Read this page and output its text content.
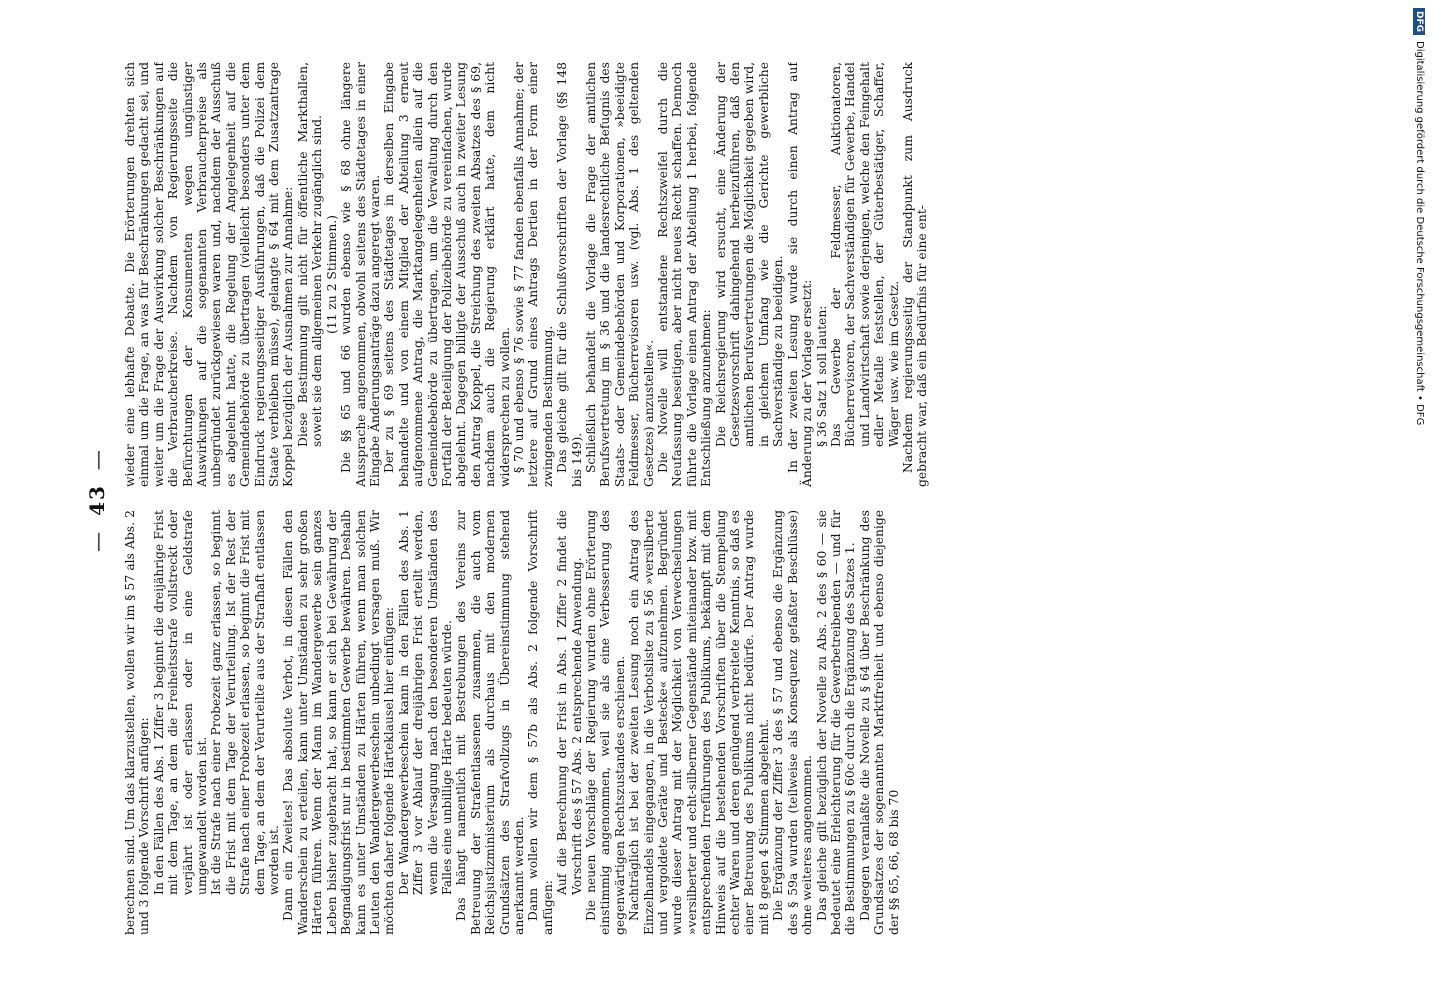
—
43
—

berechnen sind. Um das klarzustellen, wollen wir im § 57 als Abs. 2 und 3 folgende Vorschrift anfügen: In den Fällen des Abs. 1 Ziffer 3 beginnt die dreijährige Frist mit dem Tage, an dem die Freiheitsstrafe vollstreckt oder verjährt ist oder erlassen oder in eine Geldstrafe umgewandelt worden ist. Ist die Strafe nach einer Probezeit ganz erlassen, so beginnt die Frist mit dem Tage der Verurteilung. Ist der Rest der Strafe nach einer Probezeit erlassen, so beginnt die Frist mit dem Tage, an dem der Verurteilte aus der Strafhaft entlassen worden ist. Dann ein Zweites! Das absolute Verbot, in diesen Fällen den Wanderschein zu erteilen, kann unter Umständen zu sehr großen Härten führen. Wenn der Mann im Wandergewerbe sein ganzes Leben bisher zugebracht hat, so kann er sich bei Gewährung der Begnadigungsfrist nur in bestimmten Gewerbe bewähren. Deshalb kann es unter Umständen zu Härten führen, wenn man solchen Leuten den Wandergewerbeschein unbedingt versagen muß. Wir möchten daher folgende Härteklausel hier einfügen: Der Wandergewerbeschein kann in den Fällen des Abs. 1 Ziffer 3 vor Ablauf der dreijährigen Frist erteilt werden, wenn die Versagung nach den besonderen Umständen des Falles eine unbillige Härte bedeuten würde. Das hängt namentlich mit Bestrebungen des Vereins zur Betreuung der Strafentlassenen zusammen, die auch vom Reichsjustizministerium als durchaus mit den modernen Grundsätzen des Strafvollzugs in Übereinstimmung stehend anerkannt werden. Dann wollen wir dem § 57b als Abs. 2 folgende Vorschrift anfügen:

Auf die Berechnung der Frist in Abs. 1 Ziffer 2 findet die Vorschrift des § 57 Abs. 2 entsprechende Anwendung. Die neuen Vorschläge der Regierung wurden ohne Erörterung einstimmig angenommen, weil sie als eine Verbesserung des gegenwärtigen Rechtszustandes erschienen. Nachträglich ist bei der zweiten Lesung noch ein Antrag des Einzelhandels eingegangen, in die Verbotsliste zu § 56 »versilberte und vergoldete Geräte und Bestecke« aufzunehmen. Begründet wurde dieser Antrag mit der Möglichkeit von Verwechselungen »versilberter und echt-silberner Gegenstände miteinander bzw. mit entsprechenden Irreführungen des Publikums, bekämpft mit dem Hinweis auf die bestehenden Vorschriften über die Stempelung echter Waren und deren genügend verbreitete Kenntnis, so daß es einer Betreuung des Publikums nicht bedürfe. Der Antrag wurde mit 8 gegen 4 Stimmen abgelehnt. Die Ergänzung der Ziffer 3 des § 57 und ebenso die Ergänzung des § 59a wurden (teilweise als Konsequenz gefaßter Beschlüsse) ohne weiteres angenommen. Das gleiche gilt bezüglich der Novelle zu Abs. 2 des § 60 — sie bedeutet eine Erleichterung für die Gewerbetreibenden — und für die Bestimmungen zu § 60c durch die Ergänzung des Satzes 1. Dagegen veranlaßte die Novelle zu § 64 über Beschränkung des Grundsatzes der sogenannten Marktfreiheit und ebenso diejenige der §§ 65, 66, 68 bis 70

wieder eine lebhafte Debatte. Die Erörterungen drehten sich einmal um die Frage, an was für Beschränkungen gedacht sei, und weiter um die Frage der Auswirkung solcher Beschränkungen auf die Verbraucherkreise. Nachdem von Regierungsseite die Befürchtungen der Konsumenten wegen ungünstiger Auswirkungen auf die sogenannten Verbraucherpreise als unbegründet zurückgewiesen waren und, nachdem der Ausschuß es abgelehnt hatte, die Regelung der Angelegenheit auf die Gemeindebehörde zu übertragen (vielleicht besonders unter dem Eindruck regierungsseitiger Ausführungen, daß die Polizei dem Staate verbleiben müsse), gelangte § 64 mit dem Zusatzantrage Koppel bezüglich der Ausnahmen zur Annahme: Diese Bestimmung gilt nicht für öffentliche Markthallen, soweit sie dem allgemeinen Verkehr zugänglich sind. (11 zu 2 Stimmen.) Die §§ 65 und 66 wurden ebenso wie § 68 ohne längere Aussprache angenommen, obwohl seitens des Städtetages in einer Eingabe Änderungsanträge dazu angeregt waren. Der zu § 69 seitens des Städtetages in derselben Eingabe behandelte und von einem Mitglied der Abteilung 3 erneut aufgenommene Antrag, die Marktangelegenheiten allein auf die Gemeindebehörde zu übertragen, um die Verwaltung durch den Fortfall der Beteiligung der Polizeibehörde zu vereinfachen, wurde abgelehnt. Dagegen billigte der Ausschuß auch in zweiter Lesung den Antrag Koppel, die Streichung des zweiten Absatzes des § 69, nachdem auch die Regierung erklärt hatte, dem nicht widersprechen zu wollen. § 70 und ebenso § 76 sowie § 77 fanden ebenfalls Annahme; der letztere auf Grund eines Antrags Dertien in der Form einer zwingenden Bestimmung. Das gleiche gilt für die Schlußvorschriften der Vorlage (§§ 148 bis 149). Schließlich behandelt die Vorlage die Frage der amtlichen Berufsvertretung im § 36 und die landesrechtliche Befugnis des Staats- oder Gemeindebehörden und Korporationen, »beeidigte Feldmesser, Bücherrevisoren usw. (vgl. Abs. 1 des geltenden Gesetzes) anzustellen«. Die Novelle will entstandene Rechtszweifel durch die Neufassung beseitigen, aber nicht neues Recht schaffen. Dennoch führte die Vorlage einen Antrag der Abteilung 1 herbei, folgende Entschließung anzunehmen: Die Reichsregierung wird ersucht, eine Änderung der Gesetzesvorschrift dahingehend herbeizuführen, daß den amtlichen Berufsvertretungen die Möglichkeit gegeben wird, in gleichem Umfang wie die Gerichte gewerbliche Sachverständige zu beeidigen. In der zweiten Lesung wurde sie durch einen Antrag auf Änderung zu der Vorlage ersetzt: § 36 Satz 1 soll lauten: Das Gewerbe der Feldmesser, Auktionatoren, Bücherrevisoren, der Sachverständigen für Gewerbe, Handel und Landwirtschaft sowie derjenigen, welche den Feingehalt edler Metalle feststellen, der Güterbestätiger, Schaffer, Wäger usw. wie im Gesetz. Nachdem regierungsseitig der Standpunkt zum Ausdruck gebracht war, daß ein Bedürfnis für eine ent-

DFG
Digitalisierung gefördert durch die Deutsche Forschungsgemeinschaft • DFG
